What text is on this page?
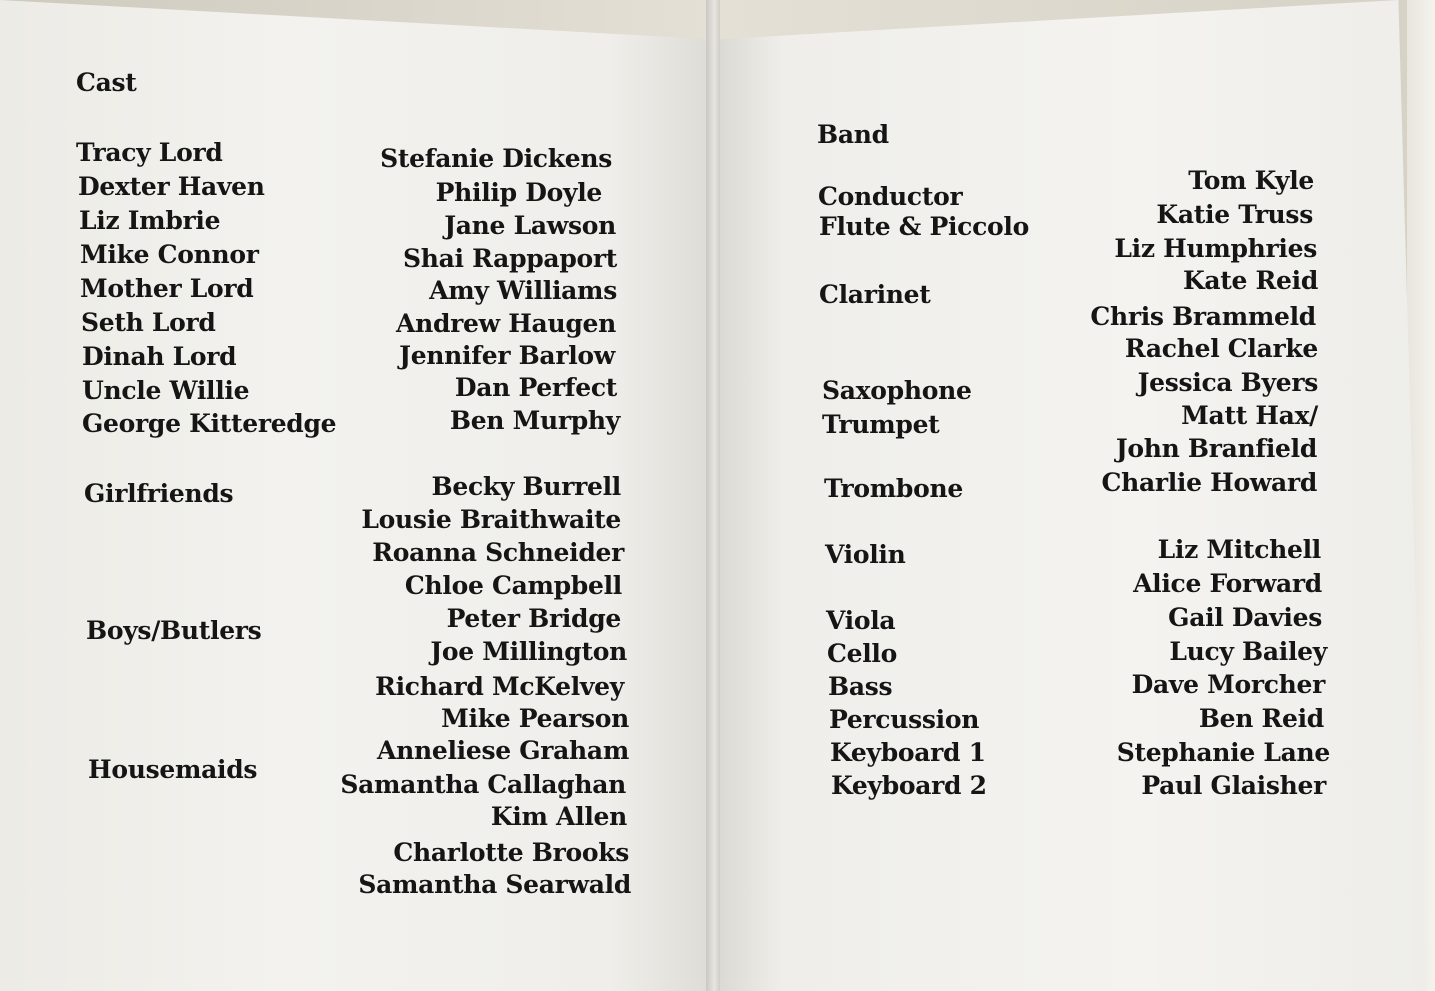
Cast
Tracy Lord
Dexter Haven
Liz Imbrie
Mike Connor
Mother Lord
Seth Lord
Dinah Lord
Uncle Willie
George Kitteredge
Stefanie Dickens
Philip Doyle
Jane Lawson
Shai Rappaport
Amy Williams
Andrew Haugen
Jennifer Barlow
Dan Perfect
Ben Murphy
Girlfriends	Becky Burrell
Lousie Braithwaite
Roanna Schneider
Chloe Campbell
Boys/Butlers	Peter Bridge
Joe Millington
Richard McKelvey
Mike Pearson
Housemaids
Anneliese Graham
Samantha Callaghan
Kim Allen
Charlotte Brooks
Samantha Searwald
Band
Conductor
Flute & Piccolo
Clarinet
Saxophone
Trumpet
Trombone
Violin
Viola
Cello
Bass
Percussion
Keyboard 1
Keyboard 2
Tom Kyle
Katie Truss
Liz Humphries
Kate Reid
Chris Brammeld
Rachel Clarke
Jessica Byers
Matt Hax/
John Branfield
Charlie Howard
Liz Mitchell
Alice Forward
Gail Davies
Lucy Bailey
Dave Morcher
Ben Reid
Stephanie Lane
Paul Glaisher
